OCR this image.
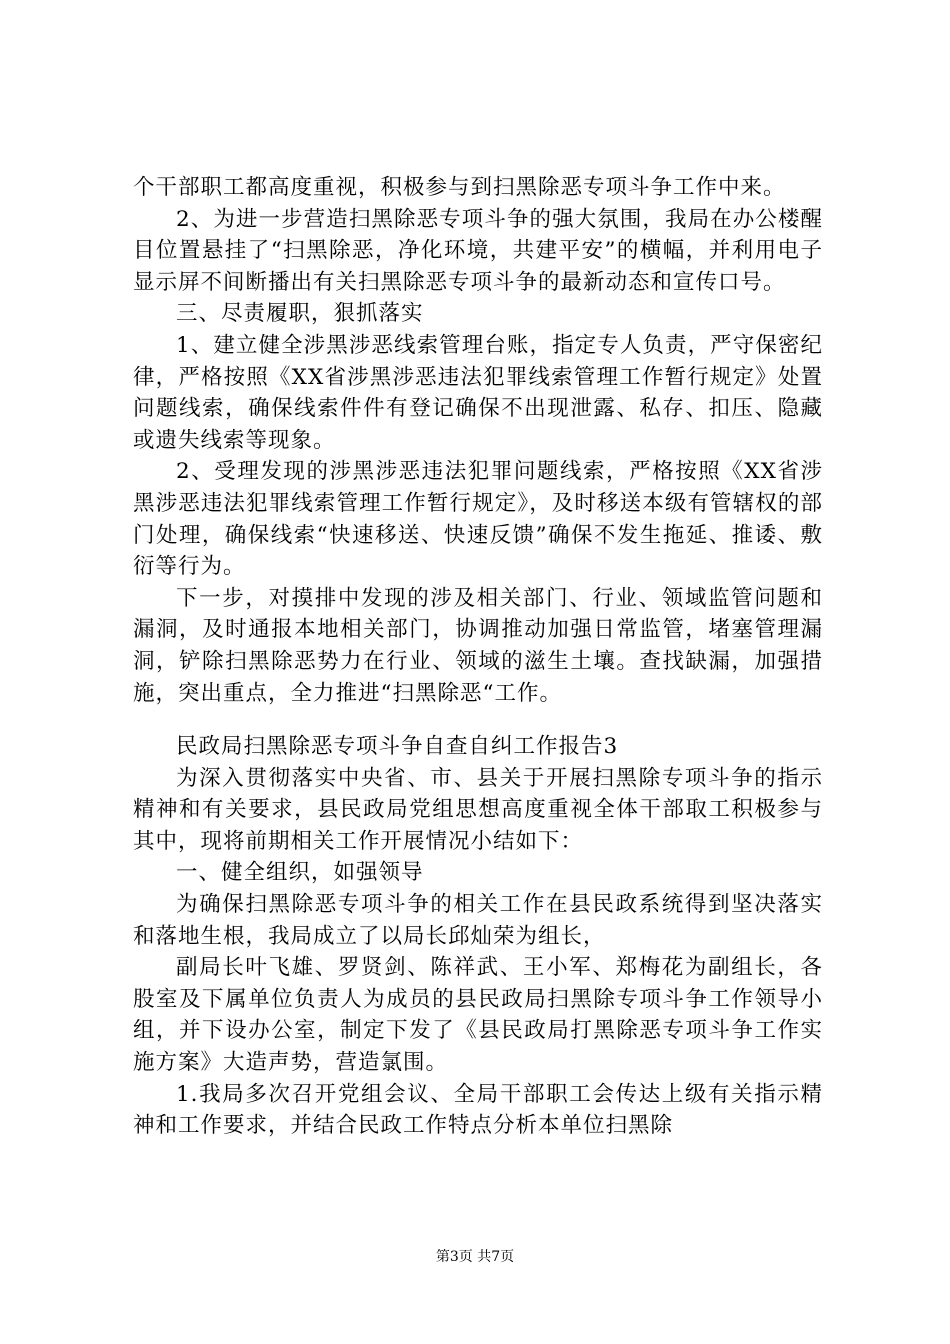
个干部职工都高度重视，积极参与到扫黑除恶专项斗争工作中来。

2、为进一步营造扫黑除恶专项斗争的强大氛围，我局在办公楼醒目位置悬挂了“扫黑除恶，净化环境，共建平安”的横幅，并利用电子显示屏不间断播出有关扫黑除恶专项斗争的最新动态和宣传口号。

三、尽责履职，狠抓落实

1、建立健全涉黑涉恶线索管理台账，指定专人负责，严守保密纪律，严格按照《XX省涉黑涉恶违法犯罪线索管理工作暂行规定》处置问题线索，确保线索件件有登记确保不出现泄露、私存、扣压、隐藏或遗失线索等现象。

2、受理发现的涉黑涉恶违法犯罪问题线索，严格按照《XX省涉黑涉恶违法犯罪线索管理工作暂行规定》，及时移送本级有管辖权的部门处理，确保线索“快速移送、快速反馈”确保不发生拖延、推诿、敷衍等行为。

下一步，对摸排中发现的涉及相关部门、行业、领域监管问题和漏洞，及时通报本地相关部门，协调推动加强日常监管，堵塞管理漏洞，铲除扫黑除恶势力在行业、领域的滋生土壤。查找缺漏，加强措施，突出重点，全力推进“扫黑除恶“工作。

民政局扫黑除恶专项斗争自查自纠工作报告3

为深入贯彻落实中央省、市、县关于开展扫黑除专项斗争的指示精神和有关要求，县民政局党组思想高度重视全体干部取工积极参与其中，现将前期相关工作开展情况小结如下：

一、健全组织，如强领导

为确保扫黑除恶专项斗争的相关工作在县民政系统得到坚决落实和落地生根，我局成立了以局长邱灿荣为组长，

副局长叶飞雄、罗贤剑、陈祥武、王小军、郑梅花为副组长，各股室及下属单位负责人为成员的县民政局扫黑除专项斗争工作领导小组，并下设办公室，制定下发了《县民政局打黑除恶专项斗争工作实施方案》大造声势，营造氯围。

1.我局多次召开党组会议、全局干部职工会传达上级有关指示精神和工作要求，并结合民政工作特点分析本单位扫黑除

第3页 共7页
